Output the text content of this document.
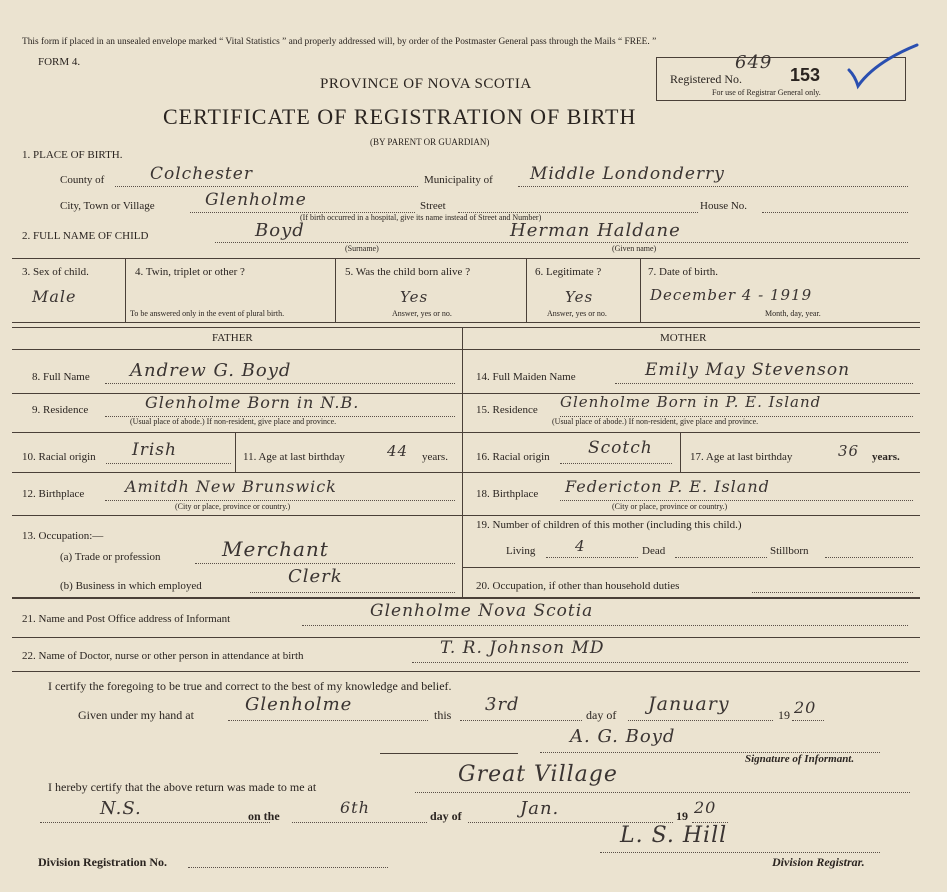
This form if placed in an unsealed envelope marked “ Vital Statistics ” and properly addressed will, by order of the Postmaster General pass through the Mails “ FREE. ”
FORM 4.
PROVINCE OF NOVA SCOTIA
CERTIFICATE OF REGISTRATION OF BIRTH
(BY PARENT OR GUARDIAN)
Registered No.
649
153
For use of Registrar General only.
1. PLACE OF BIRTH.
County of	Colchester	Municipality of Middle Londonderry
City, Town or Village	Glenholme	Street	House No.
(If birth occurred in a hospital, give its name instead of Street and Number)
2. FULL NAME OF CHILD	Boyd
(Surname)
Herman Haldane
(Given name)
3. Sex of child.
Male
4. Twin, triplet or other ?
To be answered only in the event of plural birth.
5. Was the child born alive ?
Yes
Answer, yes or no.
6. Legitimate ?
Yes
Answer, yes or no.
7. Date of birth.
December 4 - 1919
Month, day, year.
FATHER	MOTHER
8. Full Name Andrew G. Boyd
9. Residence	Glenholme Born in N.B.
(Usual place of abode.) If non-resident, give place and province.
10. Racial origin Irish	11. Age at last birthday	44 years.
12. Birthplace	Amitdh New Brunswick
(City or place, province or country.)
13. Occupation:—
(a) Trade or profession	Merchant
(b) Business in which employed	Clerk
14. Full Maiden Name	Emily May Stevenson
15. Residence Glenholme Born in P. E. Island
(Usual place of abode.) If non-resident, give place and province.
16. Racial origin Scotch	17. Age at last birthday	36 years.
18. Birthplace Federicton P. E. Island
(City or place, province or country.)
19. Number of children of this mother (including this child.)
Living	4	Dead	Stillborn
20. Occupation, if other than household duties
21. Name and Post Office address of Informant	Glenholme Nova Scotia
22. Name of Doctor, nurse or other person in attendance at birth	T. R. Johnson MD
I certify the foregoing to be true and correct to the best of my knowledge and belief.
Given under my hand at	Glenholme	this 3rd	day of January	19 20
A. G. Boyd
Signature of Informant.
I hereby certify that the above return was made to me at	Great Village
N.S.	on the	6th	day of	Jan.	19 20
L. S. Hill
Division Registration No.	Division Registrar.
